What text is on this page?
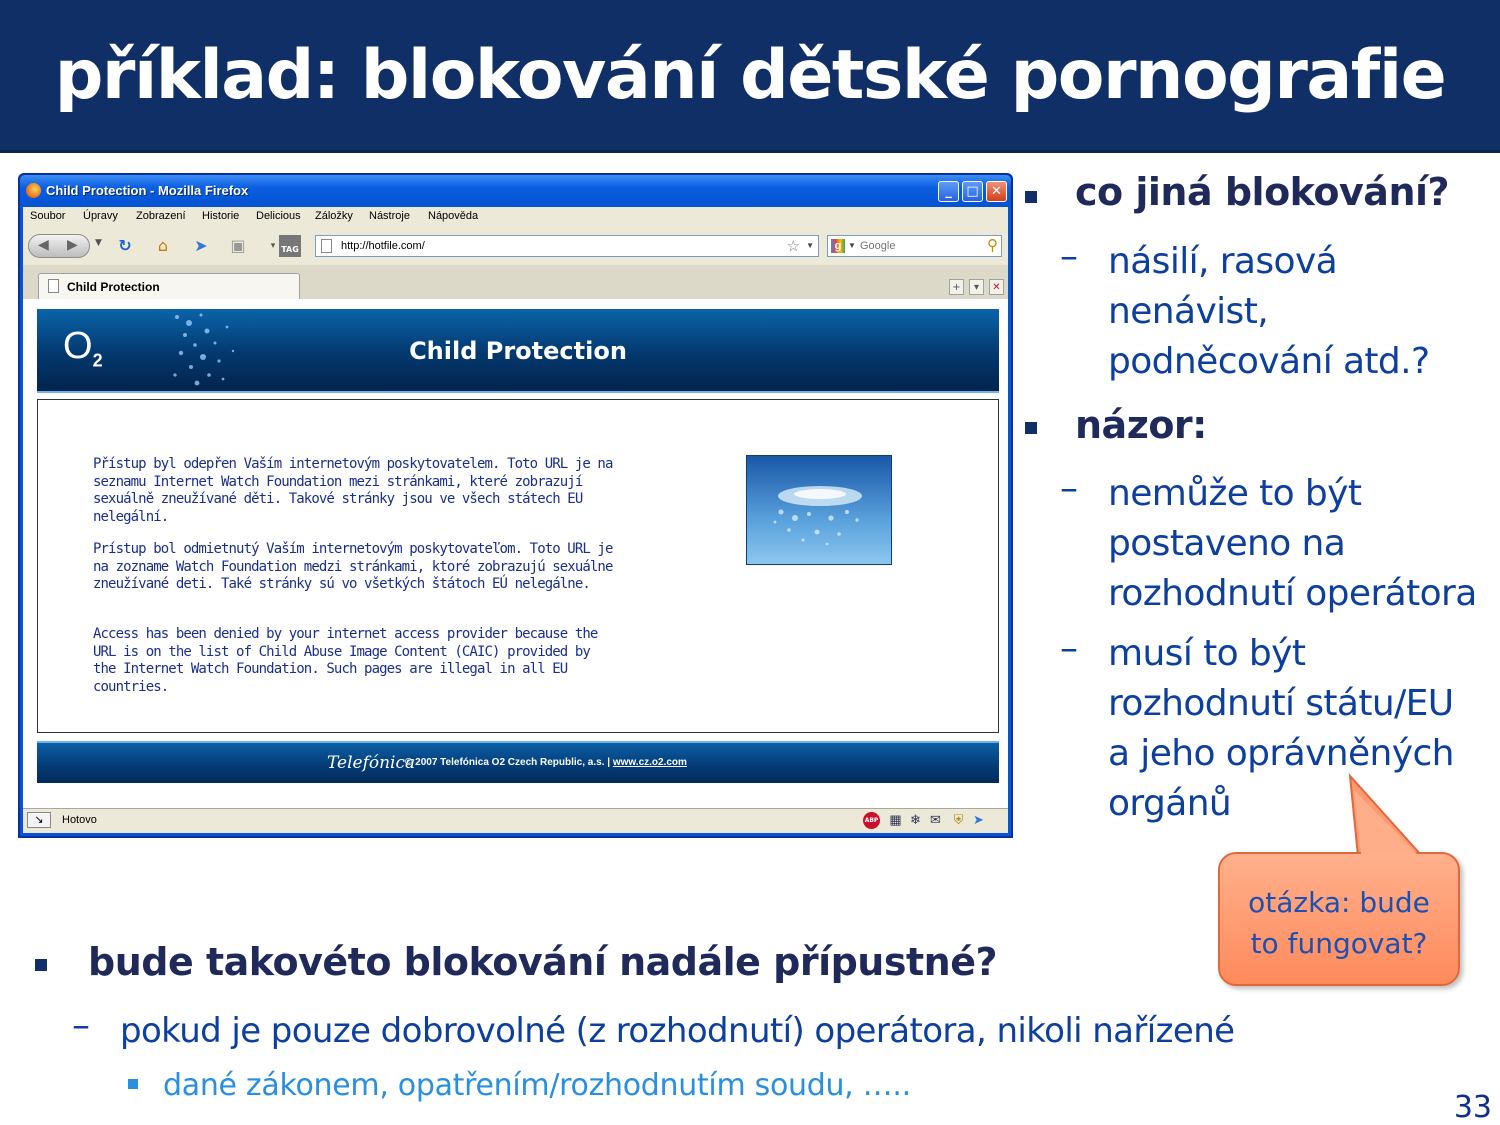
příklad: blokování dětské pornografie
Child Protection - Mozilla Firefox	_	□ ✕
Soubor Úpravy Zobrazení Historie Delicious Záložky Nástroje Nápověda
◀ ▶ ▼ ↻	⌂	➤ ▣	▾ TAG	http://hotfile.com/	☆ ▼	g ▼
Google	⚲
Child Protection	+	▾	✕
$O_2$	Child Protection

Přístup byl odepřen Vaším internetovým poskytovatelem. Toto URL je na seznamu Internet Watch Foundation mezi stránkami, které zobrazují sexuálně zneužívané děti. Takové stránky jsou ve všech státech EU nelegální.

Prístup bol odmietnutý Vaším internetovým poskytovateľom. Toto URL je na zozname Watch Foundation medzi stránkami, ktoré zobrazujú sexuálne zneužívané deti. Také stránky sú vo všetkých štátoch EÚ nelegálne.

Access has been denied by your internet access provider because the URL is on the list of Child Abuse Image Content (CAIC) provided by the Internet Watch Foundation. Such pages are illegal in all EU countries.

Telefónica
© 2007 Telefónica O2 Czech Republic, a.s. | www.cz.o2.com
↘	Hotovo	ABP ▦ ❄ ✉ ⛨ ➤
co jiná blokování?
– násilí, rasová
nenávist,
podněcování atd.?
názor:
– nemůže to být
postaveno na
rozhodnutí operátora
– musí to být
rozhodnutí státu/EU
a jeho oprávněných
orgánů
otázka: bude
to fungovat?
bude takovéto blokování nadále přípustné?
– pokud je pouze dobrovolné (z rozhodnutí) operátora, nikoli nařízené
dané zákonem, opatřením/rozhodnutím soudu, …..
33
